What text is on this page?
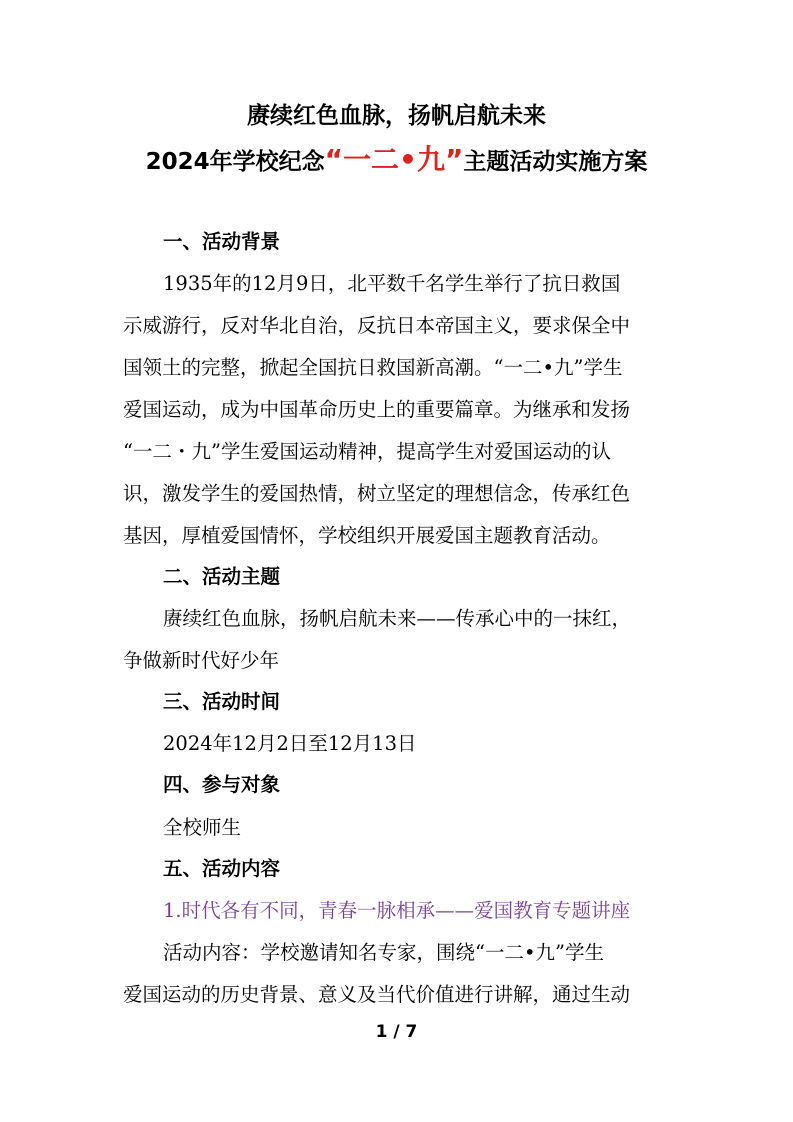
赓续红色血脉，扬帆启航未来
2024年学校纪念“一二•九”主题活动实施方案
一、活动背景
1935年的12月9日，北平数千名学生举行了抗日救国
示威游行，反对华北自治，反抗日本帝国主义，要求保全中
国领土的完整，掀起全国抗日救国新高潮。“一二•九”学生
爱国运动，成为中国革命历史上的重要篇章。为继承和发扬
“一二・九”学生爱国运动精神，提高学生对爱国运动的认
识，激发学生的爱国热情，树立坚定的理想信念，传承红色
基因，厚植爱国情怀，学校组织开展爱国主题教育活动。
二、活动主题
赓续红色血脉，扬帆启航未来——传承心中的一抹红，
争做新时代好少年
三、活动时间
2024年12月2日至12月13日
四、参与对象
全校师生
五、活动内容
1.时代各有不同，青春一脉相承——爱国教育专题讲座
活动内容：学校邀请知名专家，围绕“一二•九”学生
爱国运动的历史背景、意义及当代价值进行讲解，通过生动
1 / 7
